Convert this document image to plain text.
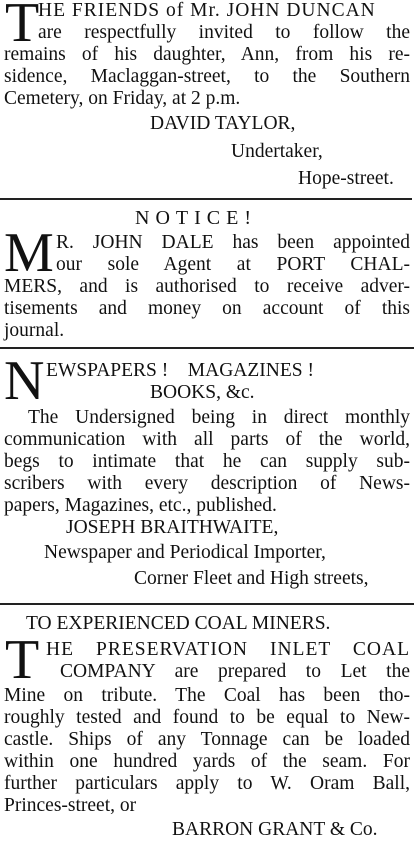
T
HE FRIENDS of Mr. JOHN DUNCAN
are respectfully invited to follow the
remains of his daughter, Ann, from his re-
sidence, Maclaggan-street, to the Southern
Cemetery, on Friday, at 2 p.m.
DAVID TAYLOR,
Undertaker,
Hope-street.
NOTICE!
M R. JOHN DALE has been appointed
our sole Agent at PORT CHAL-
MERS, and is authorised to receive adver-
tisements and money on account of this
journal.
N EWSPAPERS !    MAGAZINES !
BOOKS, &c.
The Undersigned being in direct monthly
communication with all parts of the world,
begs to intimate that he can supply sub-
scribers with every description of News-
papers, Magazines, etc., published.
JOSEPH BRAITHWAITE,
Newspaper and Periodical Importer,
Corner Fleet and High streets,
TO EXPERIENCED COAL MINERS.
T HE PRESERVATION INLET COAL
COMPANY are prepared to Let the
Mine on tribute. The Coal has been tho-
roughly tested and found to be equal to New-
castle. Ships of any Tonnage can be loaded
within one hundred yards of the seam. For
further particulars apply to W. Oram Ball,
Princes-street, or
BARRON GRANT & Co.
